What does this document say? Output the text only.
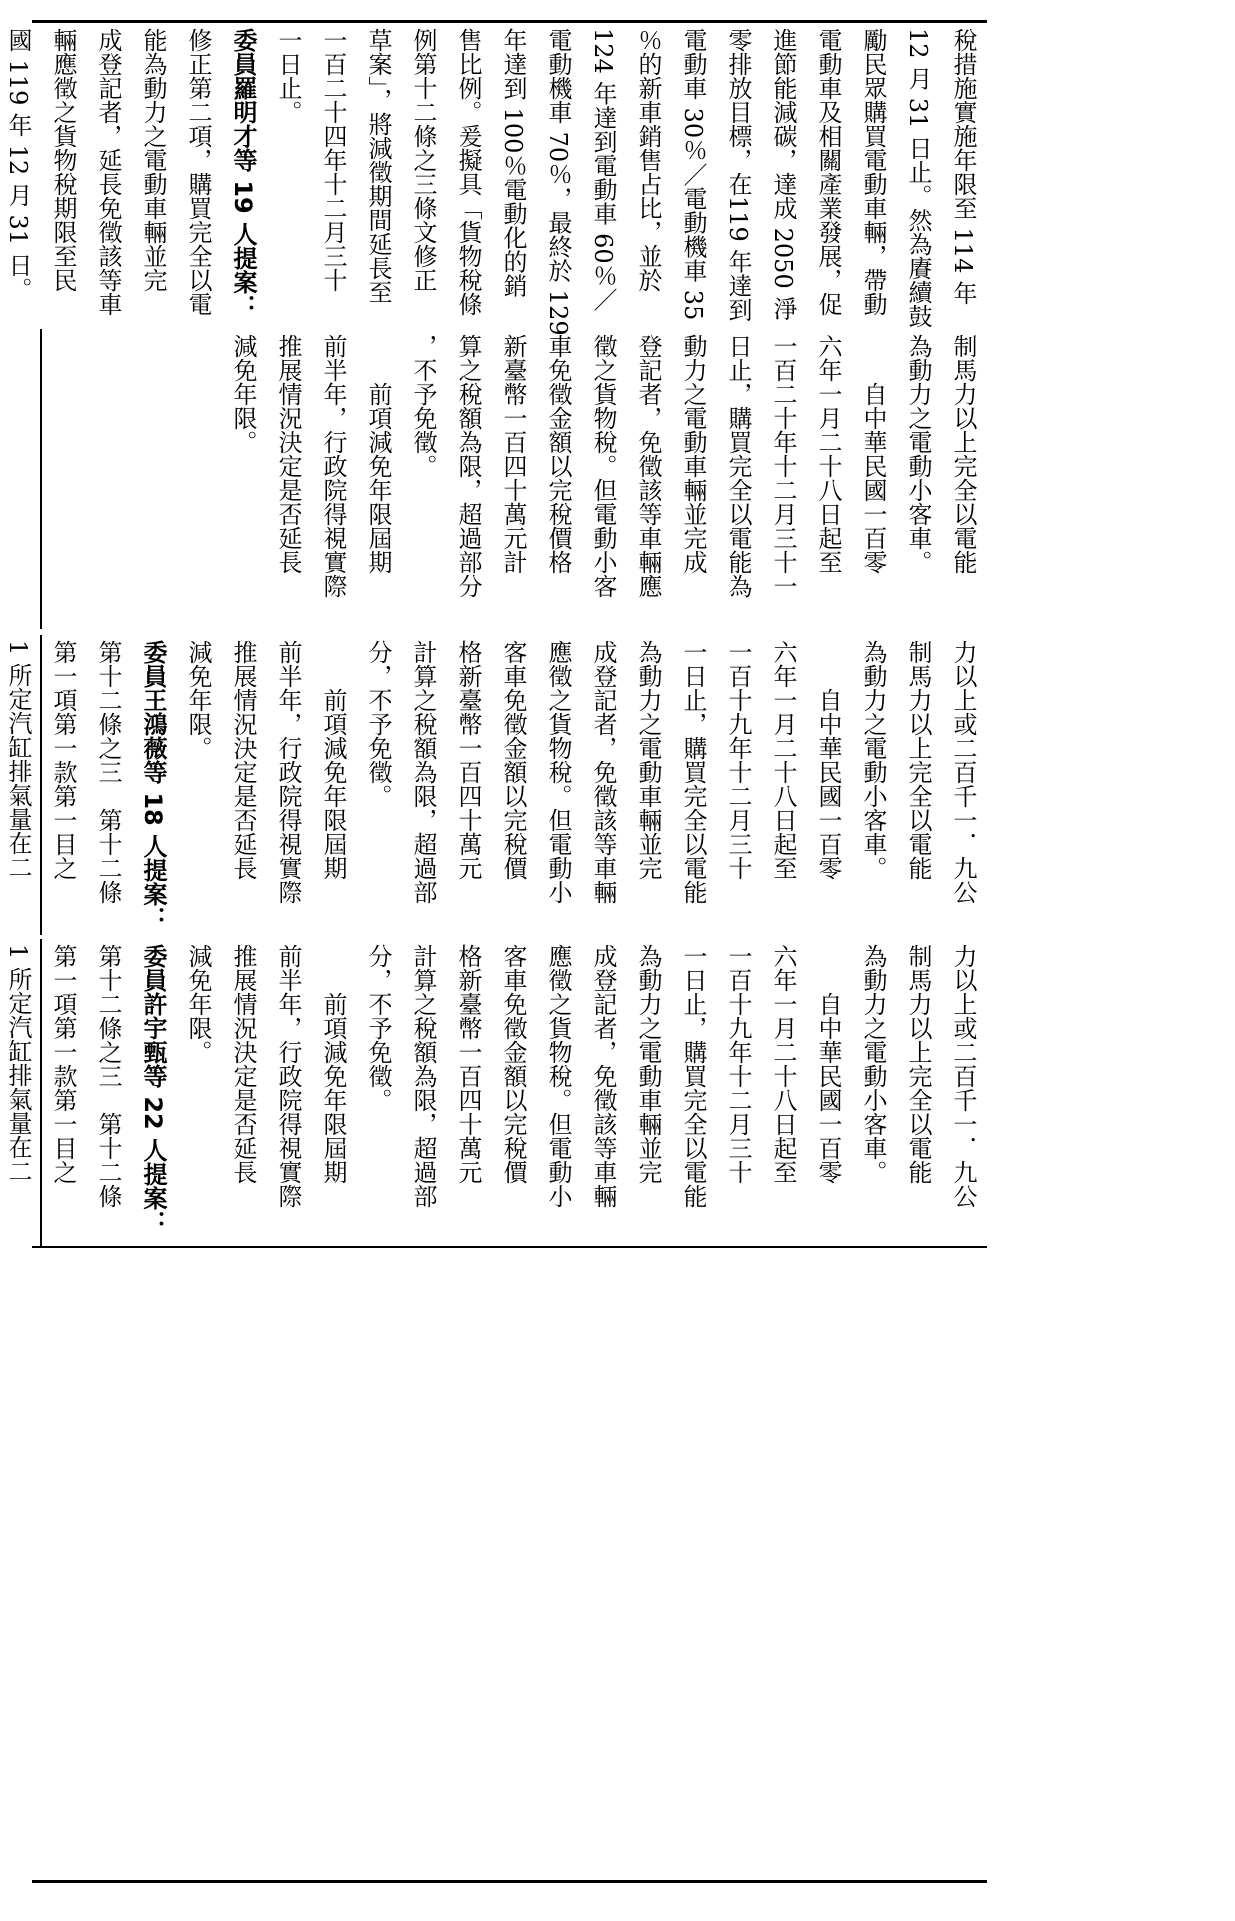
稅措施實施年限至 114 年
12 月 31 日止。然為賡續鼓
勵民眾購買電動車輛，帶動
電動車及相關產業發展，促
進節能減碳，達成 2050 淨
零排放目標，在119 年達到
電動車 30％／電動機車 35
％的新車銷售占比，並於
124 年達到電動車 60％／
電動機車 70％，最終於 129
年達到 100％電動化的銷
售比例。爰擬具「貨物稅條
例第十二條之三條文修正
草案」，將減徵期間延長至
一百二十四年十二月三十
一日止。
委員羅明才等 19 人提案：
修正第二項，購買完全以電
能為動力之電動車輛並完
成登記者，延長免徵該等車
輛應徵之貨物稅期限至民
國 119 年 12 月 31 日。
制馬力以上完全以電能
為動力之電動小客車。
　　自中華民國一百零
六年一月二十八日起至
一百二十年十二月三十一
日止，購買完全以電能為
動力之電動車輛並完成
登記者，免徵該等車輛應
徵之貨物稅。但電動小客
車免徵金額以完稅價格
新臺幣一百四十萬元計
算之稅額為限，超過部分
，不予免徵。
　　前項減免年限屆期
前半年，行政院得視實際
推展情況決定是否延長
減免年限。
力以上或二百千一．九公
制馬力以上完全以電能
為動力之電動小客車。
　　自中華民國一百零
六年一月二十八日起至
一百十九年十二月三十
一日止，購買完全以電能
為動力之電動車輛並完
成登記者，免徵該等車輛
應徵之貨物稅。但電動小
客車免徵金額以完稅價
格新臺幣一百四十萬元
計算之稅額為限，超過部
分，不予免徵。
　　前項減免年限屆期
前半年，行政院得視實際
推展情況決定是否延長
減免年限。
委員王鴻薇等 18 人提案：
第十二條之三　第十二條
第一項第一款第一目之
1 所定汽缸排氣量在二
力以上或二百千一．九公
制馬力以上完全以電能
為動力之電動小客車。
　　自中華民國一百零
六年一月二十八日起至
一百十九年十二月三十
一日止，購買完全以電能
為動力之電動車輛並完
成登記者，免徵該等車輛
應徵之貨物稅。但電動小
客車免徵金額以完稅價
格新臺幣一百四十萬元
計算之稅額為限，超過部
分，不予免徵。
　　前項減免年限屆期
前半年，行政院得視實際
推展情況決定是否延長
減免年限。
委員許宇甄等 22 人提案：
第十二條之三　第十二條
第一項第一款第一目之
1 所定汽缸排氣量在二
